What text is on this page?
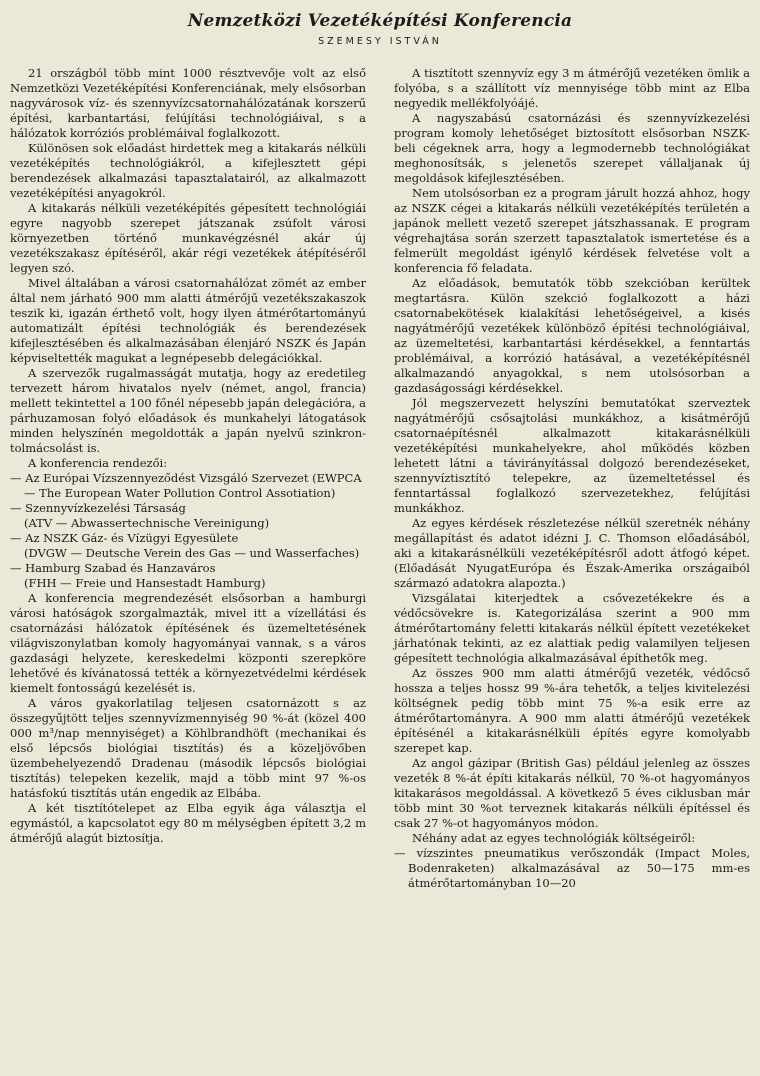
Nemzetközi Vezetéképítési Konferencia
SZEMESY ISTVÁN

21 országból több mint 1000 résztvevője volt az első Nemzetközi Vezetéképítési Konferenciának, mely elsősorban nagyvárosok víz- és szennyvízcsatornahálózatának korszerű építési, karbantartási, felújítási technológiáival, s a hálózatok korróziós problémáival foglalkozott.

Különösen sok előadást hirdettek meg a kitakarás nélküli vezetéképítés technológiákról, a kifejlesztett gépi berendezések alkalmazási tapasztalatairól, az alkalmazott vezetéképítési anyagokról.

A kitakarás nélküli vezetéképítés gépesített technológiái egyre nagyobb szerepet játszanak zsúfolt városi környezetben történő munkavégzésnél akár új vezetékszakasz építéséről, akár régi vezetékek átépítéséről legyen szó.

Mivel általában a városi csatornahálózat zömét az ember által nem járható 900 mm alatti átmérőjű vezetékszakaszok teszik ki, igazán érthető volt, hogy ilyen átmérőtartományú automatizált építési technológiák és berendezések kifejlesztésében és alkalmazásában élenjáró NSZK és Japán képviseltették magukat a legnépesebb delegációkkal.

A szervezők rugalmasságát mutatja, hogy az eredetileg tervezett három hivatalos nyelv (német, angol, francia) mellett tekintettel a 100 főnél népesebb japán delegációra, a párhuzamosan folyó előadások és munkahelyi látogatások minden helyszínén megoldották a japán nyelvű szinkrontolmácsolást is.

A konferencia rendezői:

— Az Európai Vízszennyeződést Vizsgáló Szervezet (EWPCA — The European Water Pollution Control Assotiation)

— Szennyvízkezelési Társaság

(ATV — Abwassertechnische Vereinigung)

— Az NSZK Gáz- és Vízügyi Egyesülete

(DVGW — Deutsche Verein des Gas — und Wasserfaches)

— Hamburg Szabad és Hanzaváros

(FHH — Freie und Hansestadt Hamburg)

A konferencia megrendezését elsősorban a hamburgi városi hatóságok szorgalmazták, mivel itt a vízellátási és csatornázási hálózatok építésének és üzemeltetésének világviszonylatban komoly hagyományai vannak, s a város gazdasági helyzete, kereskedelmi központi szerepköre lehetővé és kívánatossá tették a környezetvédelmi kérdések kiemelt fontosságú kezelését is.

A város gyakorlatilag teljesen csatornázott s az összegyűjtött teljes szennyvízmennyiség 90 %-át (közel 400 000 m³/nap mennyiséget) a Köhlbrandhöft (mechanikai és első lépcsős biológiai tisztítás) és a közeljövőben üzembehelyezendő Dradenau (második lépcsős biológiai tisztítás) telepeken kezelik, majd a több mint 97 %-os hatásfokú tisztítás után engedik az Elbába.

A két tisztítótelepet az Elba egyik ága választja el egymástól, a kapcsolatot egy 80 m mélységben épített 3,2 m átmérőjű alagút biztosítja.

A tisztított szennyvíz egy 3 m átmérőjű vezetéken ömlik a folyóba, s a szállított víz mennyisége több mint az Elba negyedik mellékfolyóájé.

A nagyszabású csatornázási és szennyvízkezelési program komoly lehetőséget biztosított elsősorban NSZK-beli cégeknek arra, hogy a legmodernebb technológiákat meghonosítsák, s jelenetős szerepet vállaljanak új megoldások kifejlesztésében.

Nem utolsósorban ez a program járult hozzá ahhoz, hogy az NSZK cégei a kitakarás nélküli vezetéképítés területén a japánok mellett vezető szerepet játszhassanak. E program végrehajtása során szerzett tapasztalatok ismertetése és a felmerült megoldást igénylő kérdések felvetése volt a konferencia fő feladata.

Az előadások, bemutatók több szekcióban kerültek megtartásra. Külön szekció foglalkozott a házi csatornabekötések kialakítási lehetőségeivel, a kisés nagyátmérőjű vezetékek különböző építési technológiáival, az üzemeltetési, karbantartási kérdésekkel, a fenntartás problémáival, a korrózió hatásával, a vezetéképítésnél alkalmazandó anyagokkal, s nem utolsósorban a gazdaságossági kérdésekkel.

Jól megszervezett helyszíni bemutatókat szerveztek nagyátmérőjű csősajtolási munkákhoz, a kisátmérőjű csatornaépítésnél alkalmazott kitakarásnélküli vezetéképítési munkahelyekre, ahol működés közben lehetett látni a távirányítással dolgozó berendezéseket, szennyvíztisztító telepekre, az üzemeltetéssel és fenntartással foglalkozó szervezetekhez, felújítási munkákhoz.

Az egyes kérdések részletezése nélkül szeretnék néhány megállapítást és adatot idézni J. C. Thomson előadásából, aki a kitakarásnélküli vezetéképítésről adott átfogó képet. (Előadását NyugatEurópa és Észak-Amerika országaiból származó adatokra alapozta.)

Vizsgálatai kiterjedtek a csővezetékekre és a védőcsövekre is. Kategorizálása szerint a 900 mm átmérőtartomány feletti kitakarás nélkül épített vezetékeket járhatónak tekinti, az ez alattiak pedig valamilyen teljesen gépesített technológia alkalmazásával építhetők meg.

Az összes 900 mm alatti átmérőjű vezeték, védőcső hossza a teljes hossz 99 %-ára tehetők, a teljes kivitelezési költségnek pedig több mint 75 %-a esik erre az átmérőtartományra. A 900 mm alatti átmérőjű vezetékek építésénél a kitakarásnélküli építés egyre komolyabb szerepet kap.

Az angol gázipar (British Gas) például jelenleg az összes vezeték 8 %-át építi kitakarás nélkül, 70 %-ot hagyományos kitakarásos megoldással. A következő 5 éves ciklusban már több mint 30 %ot terveznek kitakarás nélküli építéssel és csak 27 %-ot hagyományos módon.

Néhány adat az egyes technológiák költségeiről:

— vízszintes pneumatikus verőszondák (Impact Moles, Bodenraketen) alkalmazásával az 50—175 mm-es átmérőtartományban 10—20
